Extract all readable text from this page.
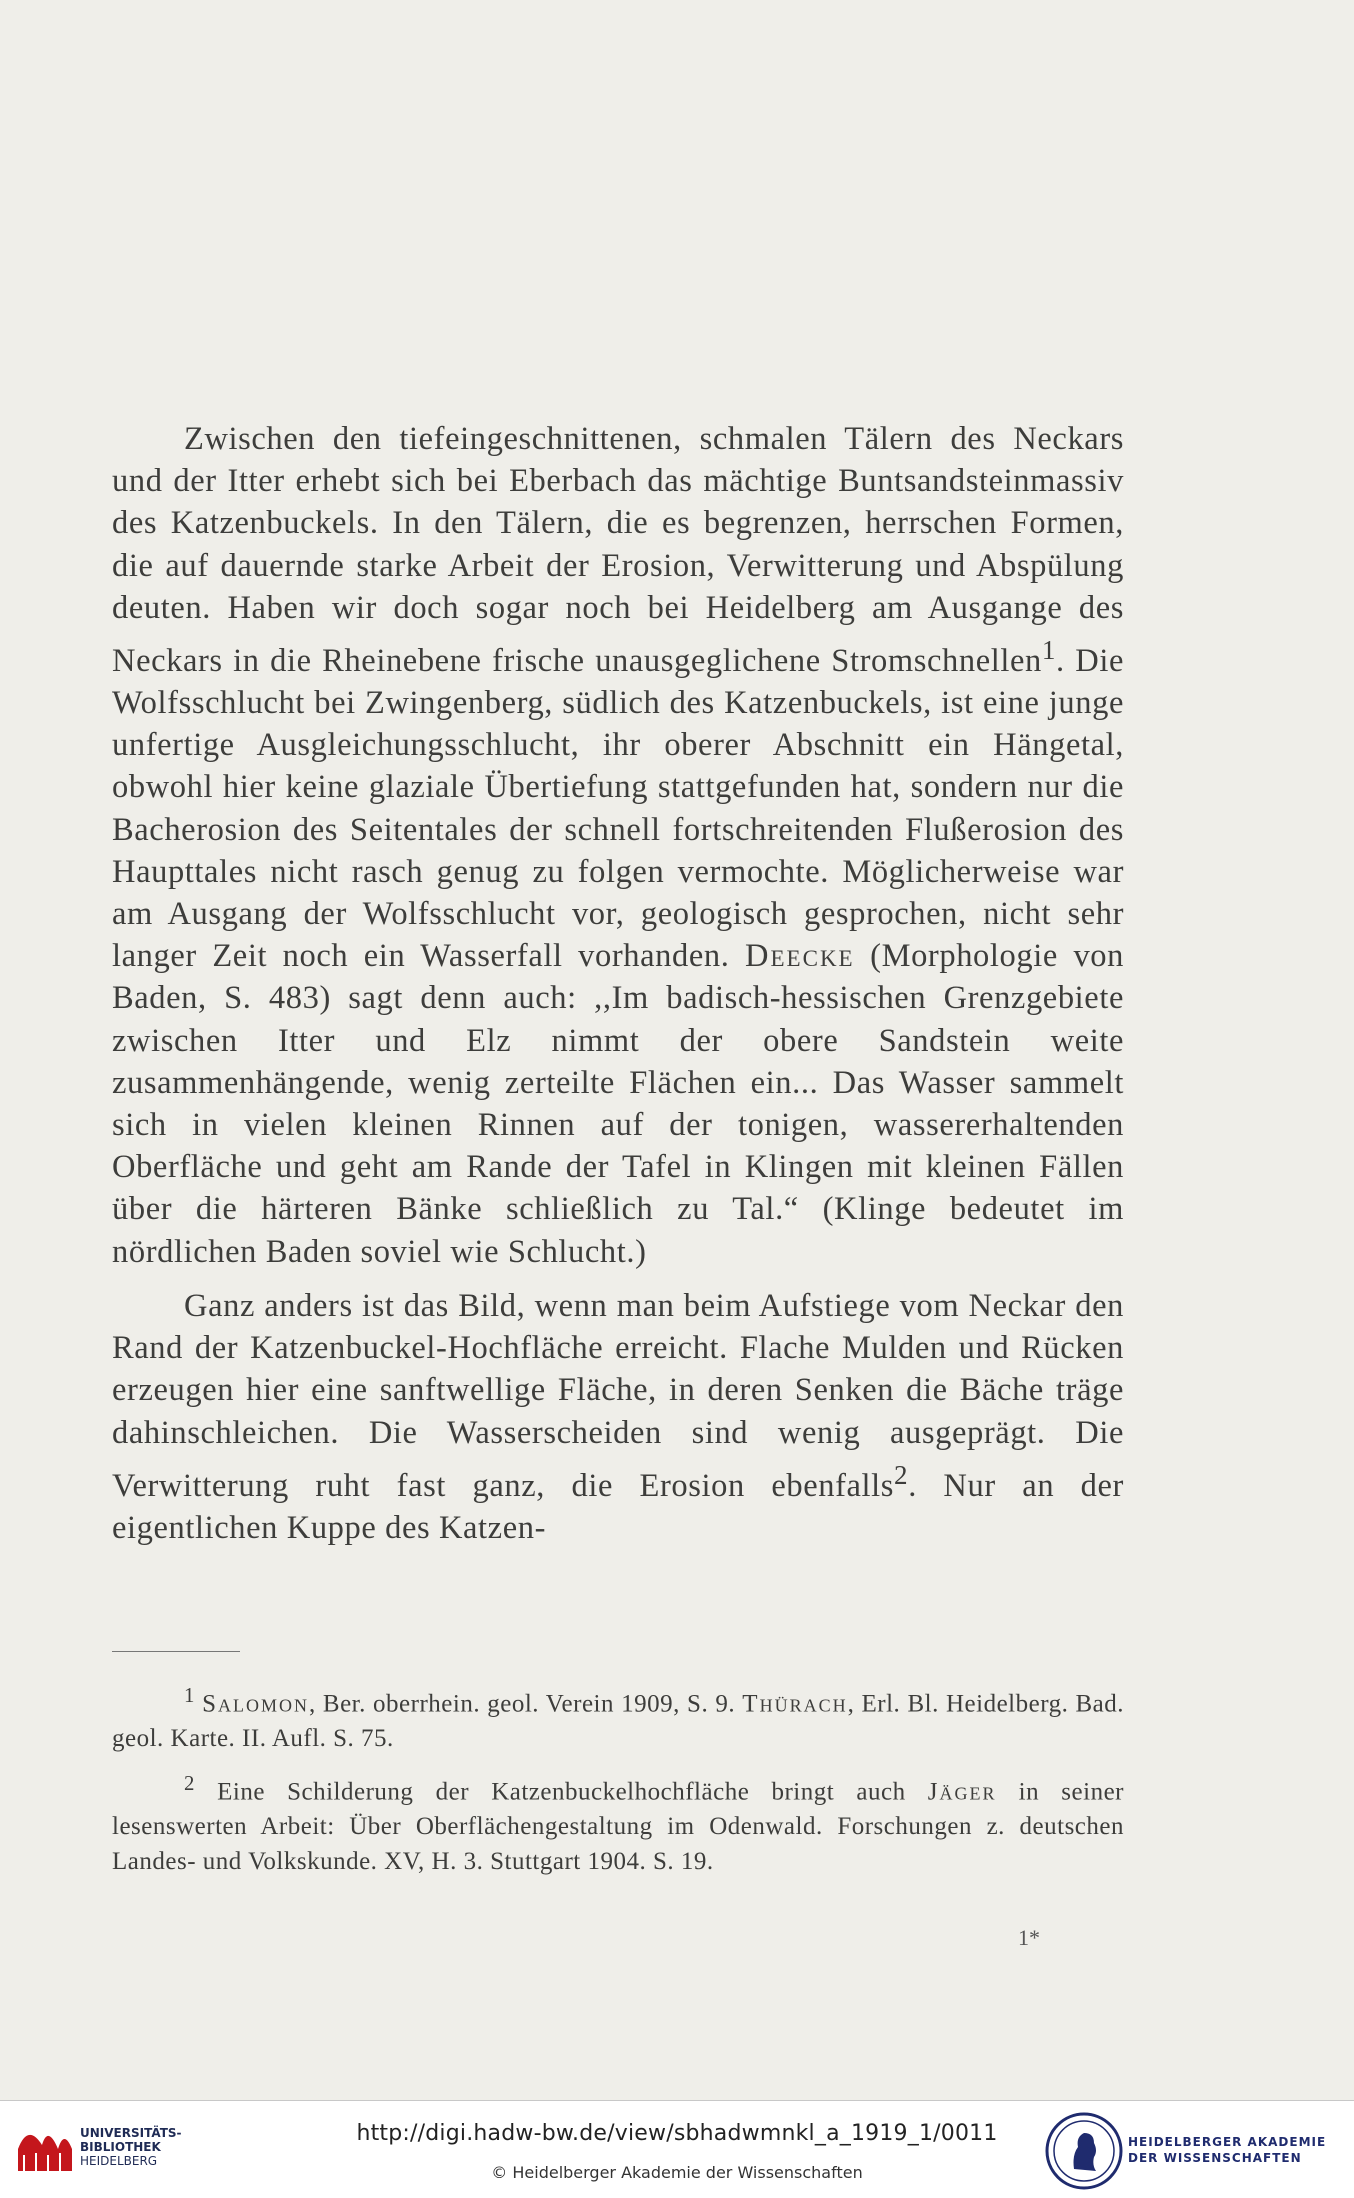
Zwischen den tiefeingeschnittenen, schmalen Tälern des Neckars und der Itter erhebt sich bei Eberbach das mächtige Buntsandsteinmassiv des Katzenbuckels. In den Tälern, die es begrenzen, herrschen Formen, die auf dauernde starke Arbeit der Erosion, Verwitterung und Abspülung deuten. Haben wir doch sogar noch bei Heidelberg am Ausgange des Neckars in die Rheinebene frische unausgeglichene Stromschnellen$^1$. Die Wolfsschlucht bei Zwingenberg, südlich des Katzenbuckels, ist eine junge unfertige Ausgleichungsschlucht, ihr oberer Abschnitt ein Hängetal, obwohl hier keine glaziale Übertiefung stattgefunden hat, sondern nur die Bacherosion des Seitentales der schnell fortschreitenden Flußerosion des Haupttales nicht rasch genug zu folgen vermochte. Möglicherweise war am Ausgang der Wolfsschlucht vor, geologisch gesprochen, nicht sehr langer Zeit noch ein Wasserfall vorhanden. Deecke (Morphologie von Baden, S. 483) sagt denn auch: ,,Im badisch-hessischen Grenzgebiete zwischen Itter und Elz nimmt der obere Sandstein weite zusammenhängende, wenig zerteilte Flächen ein... Das Wasser sammelt sich in vielen kleinen Rinnen auf der tonigen, wassererhaltenden Oberfläche und geht am Rande der Tafel in Klingen mit kleinen Fällen über die härteren Bänke schließlich zu Tal.“ (Klinge bedeutet im nördlichen Baden soviel wie Schlucht.)

Ganz anders ist das Bild, wenn man beim Aufstiege vom Neckar den Rand der Katzenbuckel-Hochfläche erreicht. Flache Mulden und Rücken erzeugen hier eine sanftwellige Fläche, in deren Senken die Bäche träge dahinschleichen. Die Wasserscheiden sind wenig ausgeprägt. Die Verwitterung ruht fast ganz, die Erosion ebenfalls$^2$. Nur an der eigentlichen Kuppe des Katzen-

$^1$ Salomon, Ber. oberrhein. geol. Verein 1909, S. 9. Thürach, Erl. Bl. Heidelberg. Bad. geol. Karte. II. Aufl. S. 75.

$^2$ Eine Schilderung der Katzenbuckelhochfläche bringt auch Jäger in seiner lesenswerten Arbeit: Über Oberflächengestaltung im Odenwald. Forschungen z. deutschen Landes- und Volkskunde. XV, H. 3. Stuttgart 1904. S. 19.

1*
UNIVERSITÄTS-
BIBLIOTHEK
HEIDELBERG
http://digi.hadw-bw.de/view/sbhadwmnkl_a_1919_1/0011
© Heidelberger Akademie der Wissenschaften
HEIDELBERGER AKADEMIE
DER WISSENSCHAFTEN
